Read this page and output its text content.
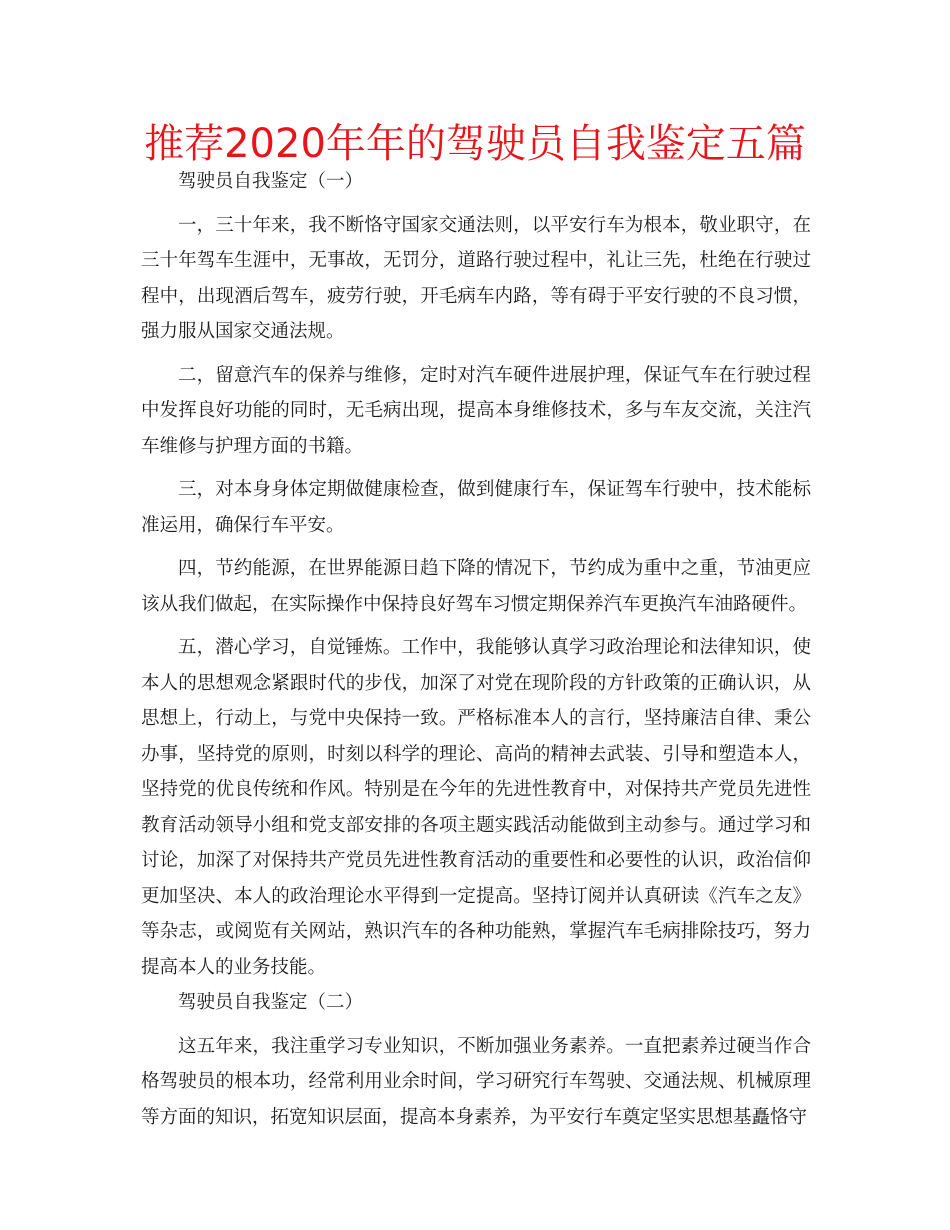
推荐2020年年的驾驶员自我鉴定五篇

驾驶员自我鉴定（一）

一，三十年来，我不断恪守国家交通法则，以平安行车为根本，敬业职守，在三十年驾车生涯中，无事故，无罚分，道路行驶过程中，礼让三先，杜绝在行驶过程中，出现酒后驾车，疲劳行驶，开毛病车内路，等有碍于平安行驶的不良习惯，强力服从国家交通法规。

二，留意汽车的保养与维修，定时对汽车硬件进展护理，保证气车在行驶过程中发挥良好功能的同时，无毛病出现，提高本身维修技术，多与车友交流，关注汽车维修与护理方面的书籍。

三，对本身身体定期做健康检查，做到健康行车，保证驾车行驶中，技术能标准运用，确保行车平安。

四，节约能源，在世界能源日趋下降的情况下，节约成为重中之重，节油更应该从我们做起，在实际操作中保持良好驾车习惯定期保养汽车更换汽车油路硬件。

五，潜心学习，自觉锤炼。工作中，我能够认真学习政治理论和法律知识，使本人的思想观念紧跟时代的步伐，加深了对党在现阶段的方针政策的正确认识，从思想上，行动上，与党中央保持一致。严格标准本人的言行，坚持廉洁自律、秉公办事，坚持党的原则，时刻以科学的理论、高尚的精神去武装、引导和塑造本人，坚持党的优良传统和作风。特别是在今年的先进性教育中，对保持共产党员先进性教育活动领导小组和党支部安排的各项主题实践活动能做到主动参与。通过学习和讨论，加深了对保持共产党员先进性教育活动的重要性和必要性的认识，政治信仰更加坚决、本人的政治理论水平得到一定提高。坚持订阅并认真研读《汽车之友》等杂志，或阅览有关网站，熟识汽车的各种功能熟，掌握汽车毛病排除技巧，努力提高本人的业务技能。

驾驶员自我鉴定（二）

这五年来，我注重学习专业知识，不断加强业务素养。一直把素养过硬当作合格驾驶员的根本功，经常利用业余时间，学习研究行车驾驶、交通法规、机械原理等方面的知识，拓宽知识层面，提高本身素养，为平安行车奠定坚实思想基矗恪守
